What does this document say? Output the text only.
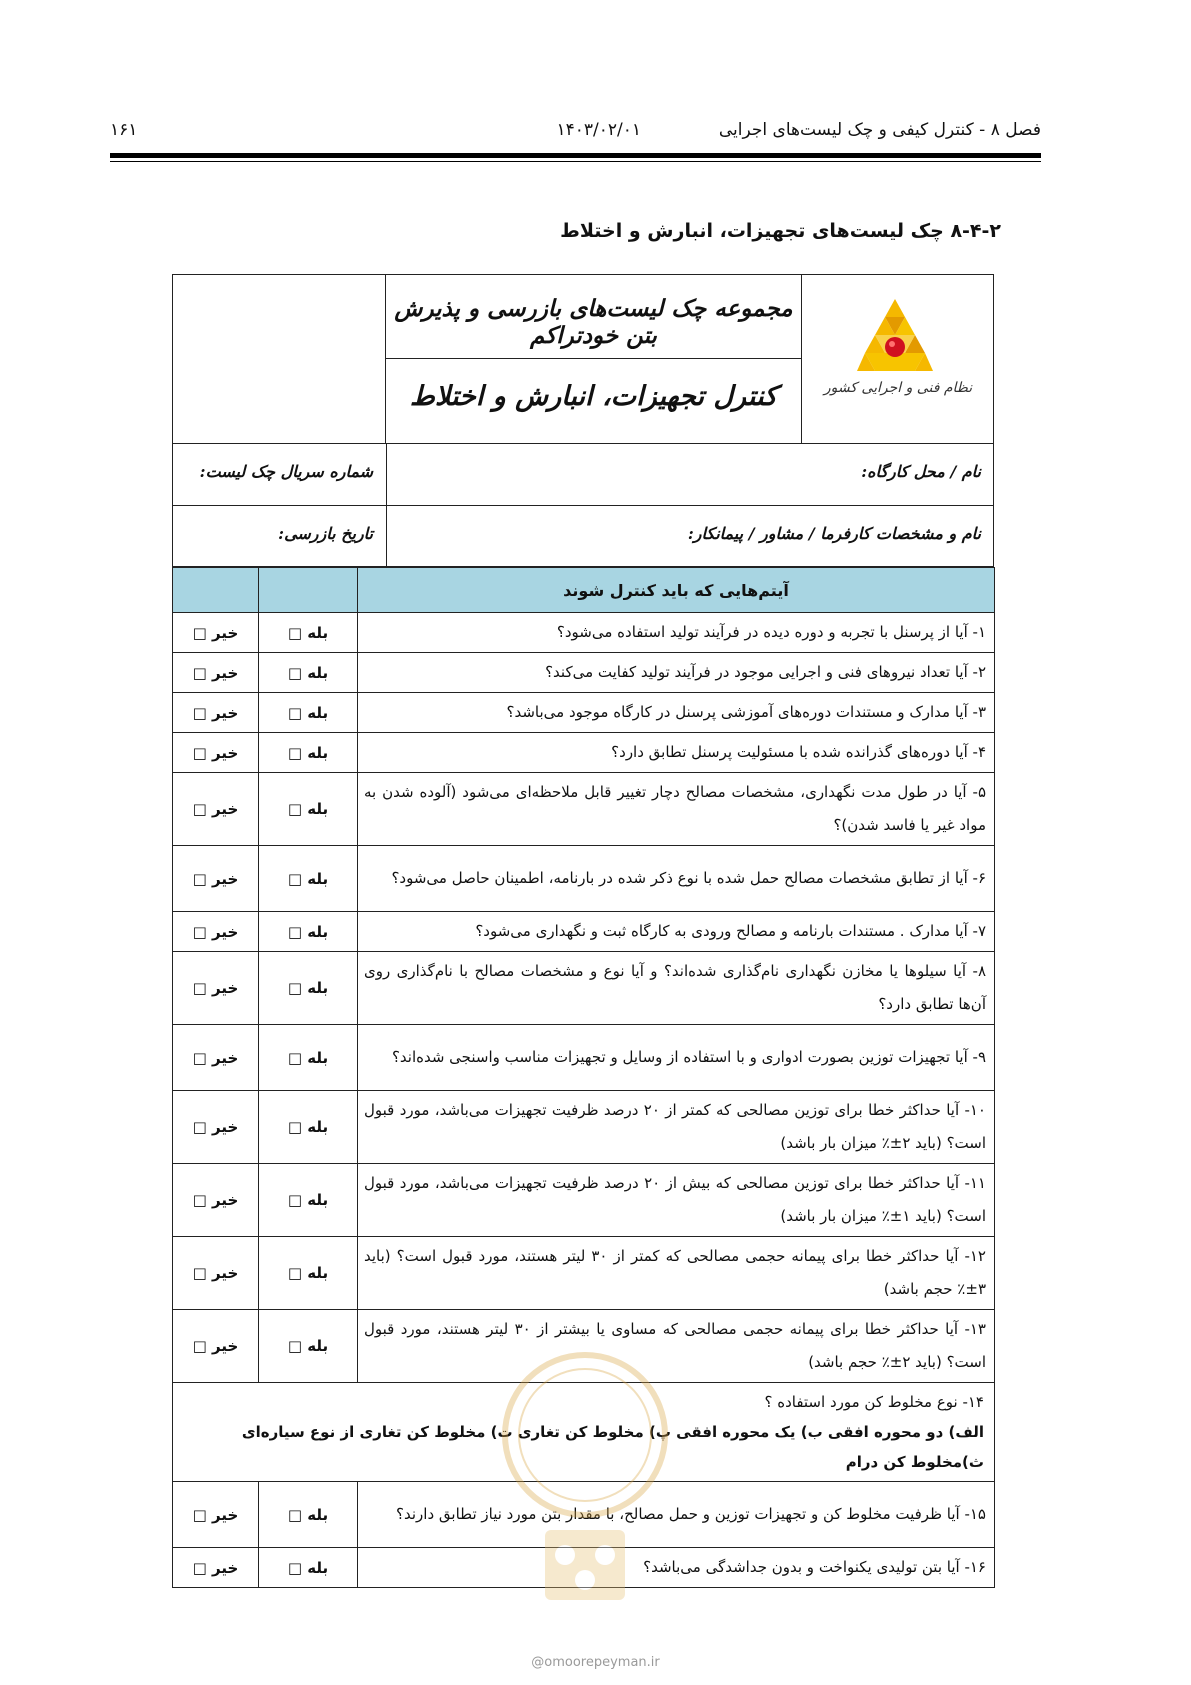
فصل ۸ - کنترل کیفی و چک لیست‌های اجرایی
۱۴۰۳/۰۲/۰۱
۱۶۱
۸-۴-۲ چک لیست‌های تجهیزات، انبارش و اختلاط
نظام فنی و اجرایی کشور
مجموعه چک لیست‌های بازرسی و پذیرش بتن خودتراکم
کنترل تجهیزات، انبارش و اختلاط
نام / محل کارگاه:
شماره سریال چک لیست:
نام و مشخصات کارفرما / مشاور / پیمانکار:
تاریخ بازرسی:
آیتم‌هایی که باید کنترل شوند		
۱- آیا از پرسنل با تجربه و دوره دیده در فرآیند تولید استفاده می‌شود؟	بله □	خیر □
۲- آیا تعداد نیروهای فنی و اجرایی موجود در فرآیند تولید کفایت می‌کند؟	بله □	خیر □
۳- آیا مدارک و مستندات دوره‌های آموزشی پرسنل در کارگاه موجود می‌باشد؟	بله □	خیر □
۴- آیا دوره‌های گذرانده شده با مسئولیت پرسنل تطابق دارد؟	بله □	خیر □
۵- آیا در طول مدت نگهداری، مشخصات مصالح دچار تغییر قابل ملاحظه‌ای می‌شود (آلوده شدن به مواد غیر یا فاسد شدن)؟	بله □	خیر □
۶- آیا از تطابق مشخصات مصالح حمل شده با نوع ذکر شده در بارنامه، اطمینان حاصل می‌شود؟	بله □	خیر □
۷- آیا مدارک . مستندات بارنامه و مصالح ورودی به کارگاه ثبت و نگهداری می‌شود؟	بله □	خیر □
۸- آیا سیلوها یا مخازن نگهداری نام‌گذاری شده‌اند؟ و آیا نوع و مشخصات مصالح با نام‌گذاری روی آن‌ها تطابق دارد؟	بله □	خیر □
۹- آیا تجهیزات توزین بصورت ادواری و با استفاده از وسایل و تجهیزات مناسب واسنجی شده‌اند؟	بله □	خیر □
۱۰- آیا حداکثر خطا برای توزین مصالحی که کمتر از ۲۰ درصد ظرفیت تجهیزات می‌باشد، مورد قبول است؟ (باید ۲±٪ میزان بار باشد)	بله □	خیر □
۱۱- آیا حداکثر خطا برای توزین مصالحی که بیش از ۲۰ درصد ظرفیت تجهیزات می‌باشد، مورد قبول است؟ (باید ۱±٪ میزان بار باشد)	بله □	خیر □
۱۲- آیا حداکثر خطا برای پیمانه حجمی مصالحی که کمتر از ۳۰ لیتر هستند، مورد قبول است؟ (باید ۳±٪ حجم باشد)	بله □	خیر □
۱۳- آیا حداکثر خطا برای پیمانه حجمی مصالحی که مساوی یا بیشتر از ۳۰ لیتر هستند، مورد قبول است؟ (باید ۲±٪ حجم باشد)	بله □	خیر □

۱۴- نوع مخلوط کن مورد استفاده ؟
الف) دو محوره افقی ب) یک محوره افقی پ) مخلوط کن تغاری ت) مخلوط کن تغاری از نوع سیاره‌ای
ث)مخلوط کن درام		

۱۵- آیا ظرفیت مخلوط کن و تجهیزات توزین و حمل مصالح، با مقدار بتن مورد نیاز تطابق دارند؟	بله □	خیر □
۱۶- آیا بتن تولیدی یکنواخت و بدون جداشدگی می‌باشد؟	بله □	خیر □
@omoorepeyman.ir
